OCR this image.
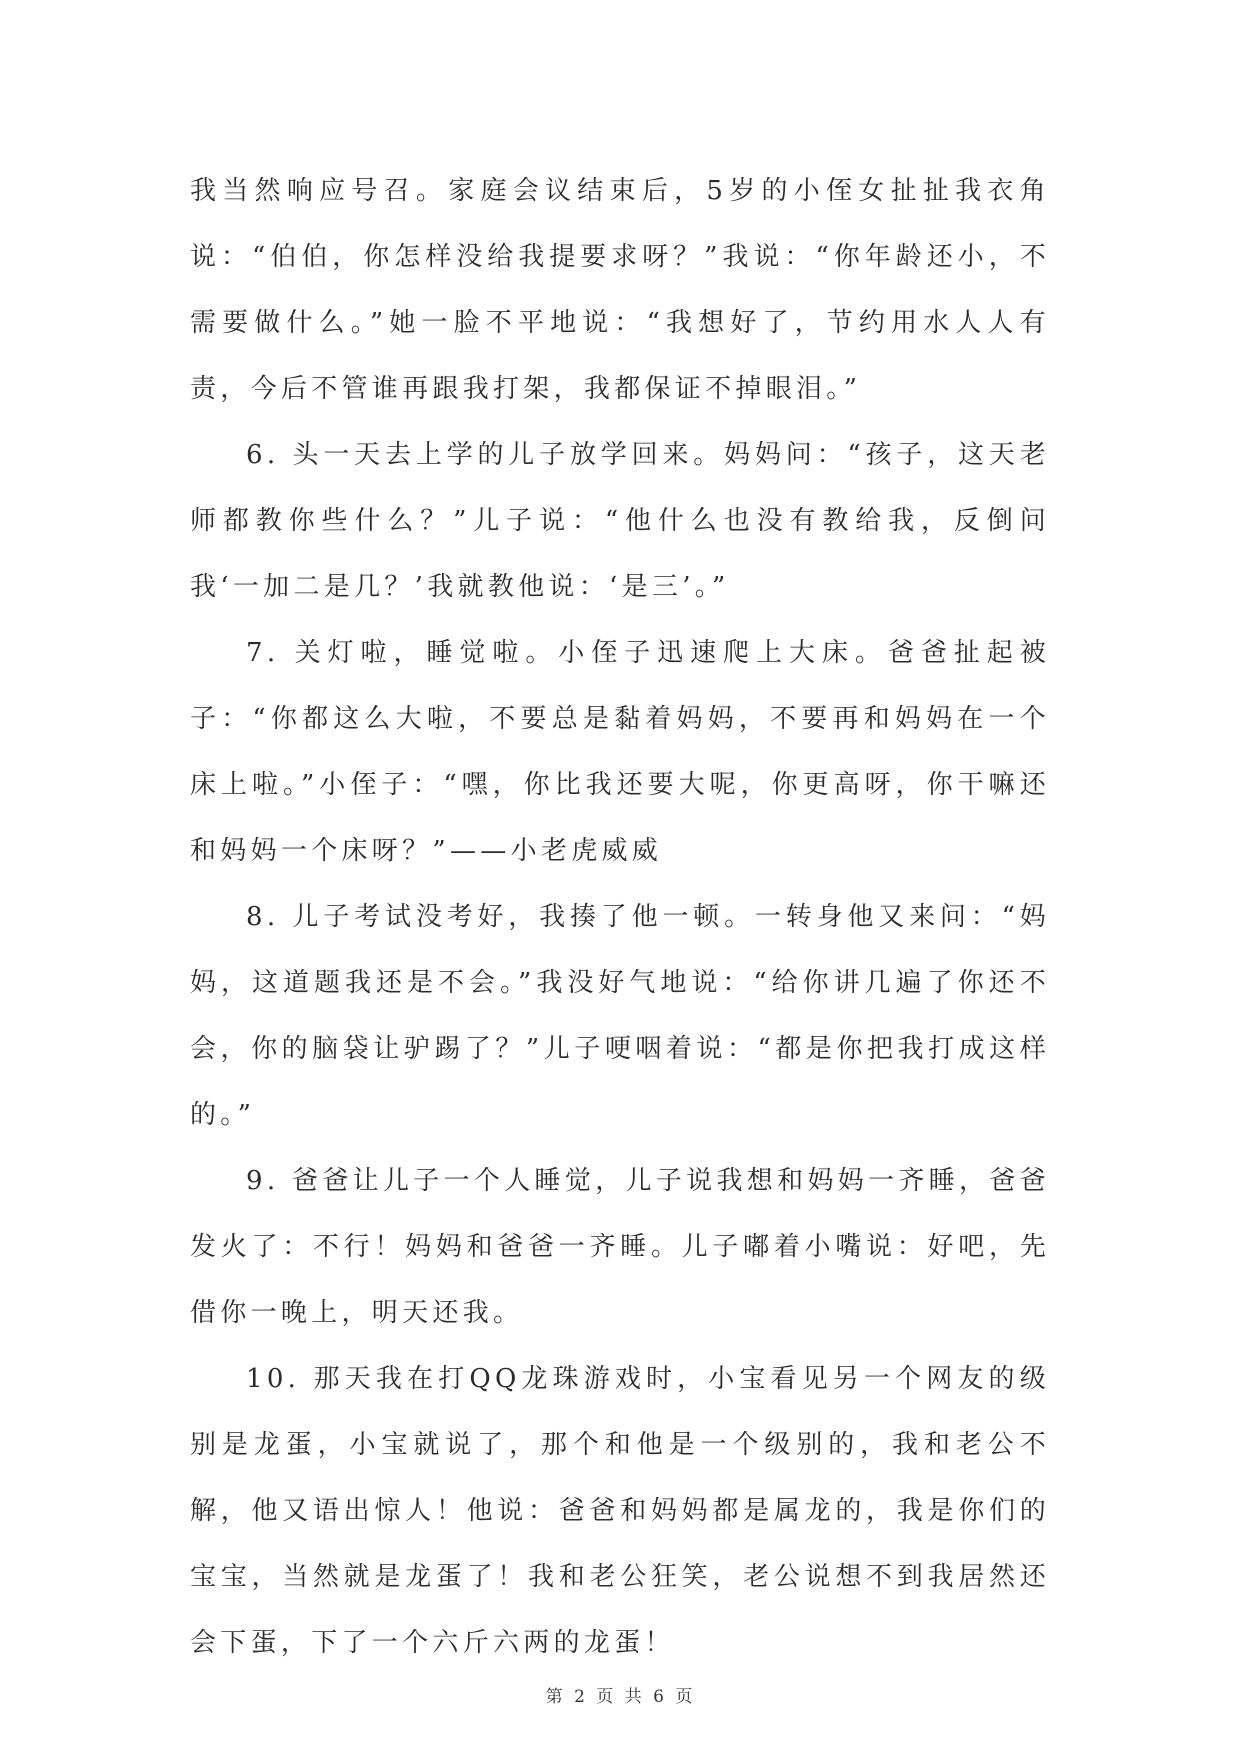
我当然响应号召。家庭会议结束后，5岁的小侄女扯扯我衣角说：“伯伯，你怎样没给我提要求呀？”我说：“你年龄还小，不需要做什么。”她一脸不平地说：“我想好了，节约用水人人有责，今后不管谁再跟我打架，我都保证不掉眼泪。”

6. 头一天去上学的儿子放学回来。妈妈问：“孩子，这天老师都教你些什么？”儿子说：“他什么也没有教给我，反倒问我‘一加二是几？’我就教他说：‘是三’。”

7. 关灯啦，睡觉啦。小侄子迅速爬上大床。爸爸扯起被子：“你都这么大啦，不要总是黏着妈妈，不要再和妈妈在一个床上啦。”小侄子：“嘿，你比我还要大呢，你更高呀，你干嘛还和妈妈一个床呀？”——小老虎威威

8. 儿子考试没考好，我揍了他一顿。一转身他又来问：“妈妈，这道题我还是不会。”我没好气地说：“给你讲几遍了你还不会，你的脑袋让驴踢了？”儿子哽咽着说：“都是你把我打成这样的。”

9. 爸爸让儿子一个人睡觉，儿子说我想和妈妈一齐睡，爸爸发火了：不行！妈妈和爸爸一齐睡。儿子嘟着小嘴说：好吧，先借你一晚上，明天还我。

10. 那天我在打QQ龙珠游戏时，小宝看见另一个网友的级别是龙蛋，小宝就说了，那个和他是一个级别的，我和老公不解，他又语出惊人！他说：爸爸和妈妈都是属龙的，我是你们的宝宝，当然就是龙蛋了！我和老公狂笑，老公说想不到我居然还会下蛋，下了一个六斤六两的龙蛋！

第 2 页 共 6 页
